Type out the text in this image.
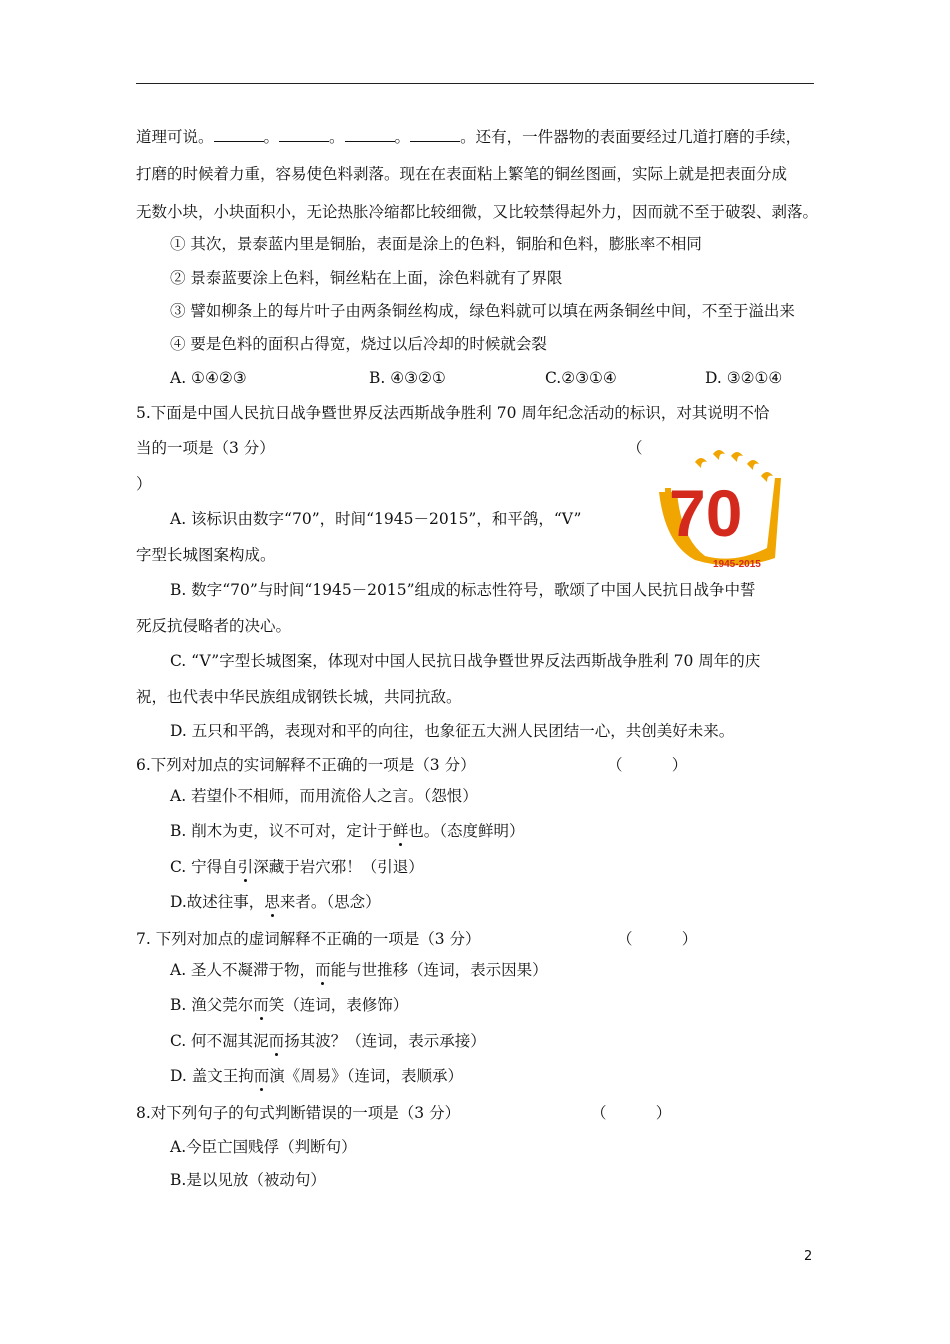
道理可说。	。	。	。	。还有，一件器物的表面要经过几道打磨的手续，
打磨的时候着力重，容易使色料剥落。现在在表面粘上繁笔的铜丝图画，实际上就是把表面分成
无数小块，小块面积小，无论热胀冷缩都比较细微，又比较禁得起外力，因而就不至于破裂、剥落。
① 其次，景泰蓝内里是铜胎，表面是涂上的色料，铜胎和色料，膨胀率不相同
② 景泰蓝要涂上色料，铜丝粘在上面，涂色料就有了界限
③ 譬如柳条上的每片叶子由两条铜丝构成，绿色料就可以填在两条铜丝中间，不至于溢出来
④ 要是色料的面积占得宽，烧过以后冷却的时候就会裂
A. ①④②③	B. ④③②①	C.②③①④	D. ③②①④
5.下面是中国人民抗日战争暨世界反法西斯战争胜利 70 周年纪念活动的标识，对其说明不恰
当的一项是（3 分）	（
）
A. 该标识由数字“70”，时间“1945－2015”，和平鸽，“V”
字型长城图案构成。
B. 数字“70”与时间“1945－2015”组成的标志性符号，歌颂了中国人民抗日战争中誓
死反抗侵略者的决心。
C. “V”字型长城图案，体现对中国人民抗日战争暨世界反法西斯战争胜利 70 周年的庆
祝，也代表中华民族组成钢铁长城，共同抗敌。
D. 五只和平鸽，表现对和平的向往，也象征五大洲人民团结一心，共创美好未来。
70
1945-2015
6.下列对加点的实词解释不正确的一项是（3 分）	（          ）
A. 若望仆不相师，而用流俗人之言。（怨恨）
B. 削木为吏，议不可对，定计于鲜也。（态度鲜明）
C. 宁得自引深藏于岩穴邪！（引退）
D.故述往事，思来者。（思念）
7. 下列对加点的虚词解释不正确的一项是（3 分）	（          ）
A. 圣人不凝滞于物，而能与世推移（连词，表示因果）
B. 渔父莞尔而笑（连词，表修饰）
C. 何不淈其泥而扬其波？（连词，表示承接）
D. 盖文王拘而演《周易》（连词，表顺承）
8.对下列句子的句式判断错误的一项是（3 分）	（          ）
A.今臣亡国贱俘（判断句）
B.是以见放（被动句）
2
